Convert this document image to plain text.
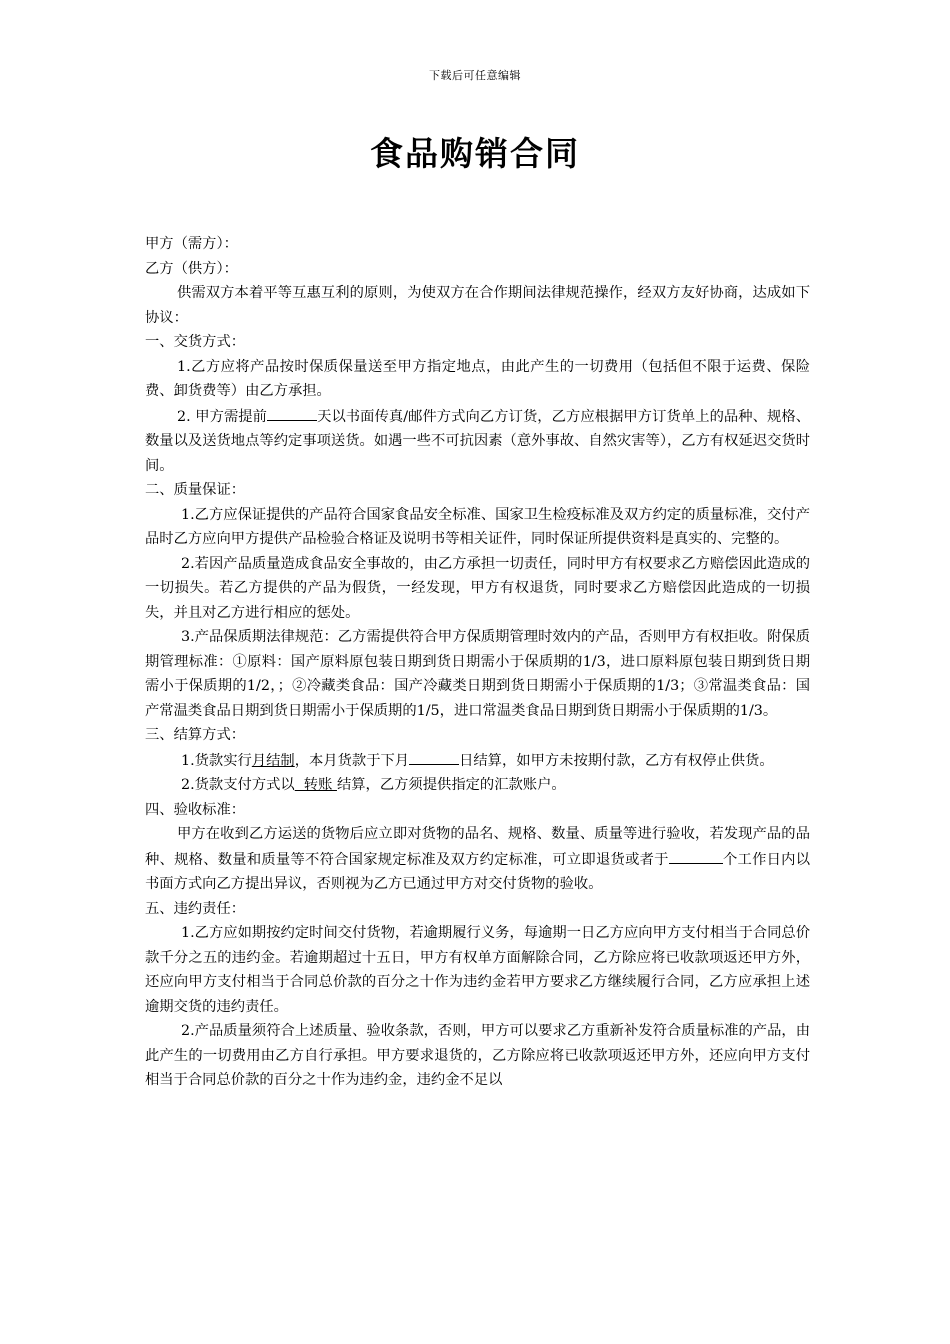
下载后可任意编辑
食品购销合同

甲方（需方）：

乙方（供方）：

供需双方本着平等互惠互利的原则，为使双方在合作期间法律规范操作，经双方友好协商，达成如下协议：

一、交货方式：

1.乙方应将产品按时保质保量送至甲方指定地点，由此产生的一切费用（包括但不限于运费、保险费、卸货费等）由乙方承担。

2. 甲方需提前	天以书面传真/邮件方式向乙方订货，乙方应根据甲方订货单上的品种、规格、数量以及送货地点等约定事项送货。如遇一些不可抗因素（意外事故、自然灾害等），乙方有权延迟交货时间。

二、质量保证：

1.乙方应保证提供的产品符合国家食品安全标准、国家卫生检疫标准及双方约定的质量标准，交付产品时乙方应向甲方提供产品检验合格证及说明书等相关证件，同时保证所提供资料是真实的、完整的。

2.若因产品质量造成食品安全事故的，由乙方承担一切责任，同时甲方有权要求乙方赔偿因此造成的一切损失。若乙方提供的产品为假货，一经发现，甲方有权退货，同时要求乙方赔偿因此造成的一切损失，并且对乙方进行相应的惩处。

3.产品保质期法律规范：乙方需提供符合甲方保质期管理时效内的产品，否则甲方有权拒收。附保质期管理标准：①原料：国产原料原包装日期到货日期需小于保质期的1/3，进口原料原包装日期到货日期需小于保质期的1/2，；②冷藏类食品：国产冷藏类日期到货日期需小于保质期的1/3；③常温类食品：国产常温类食品日期到货日期需小于保质期的1/5，进口常温类食品日期到货日期需小于保质期的1/3。

三、结算方式：

1.货款实行月结制，本月货款于下月	日结算，如甲方未按期付款，乙方有权停止供货。

2.货款支付方式以  转账 结算，乙方须提供指定的汇款账户。

四、验收标准：

甲方在收到乙方运送的货物后应立即对货物的品名、规格、数量、质量等进行验收，若发现产品的品种、规格、数量和质量等不符合国家规定标准及双方约定标准，可立即退货或者于	个工作日内以书面方式向乙方提出异议，否则视为乙方已通过甲方对交付货物的验收。

五、违约责任：

1.乙方应如期按约定时间交付货物，若逾期履行义务，每逾期一日乙方应向甲方支付相当于合同总价款千分之五的违约金。若逾期超过十五日，甲方有权单方面解除合同，乙方除应将已收款项返还甲方外，还应向甲方支付相当于合同总价款的百分之十作为违约金若甲方要求乙方继续履行合同，乙方应承担上述逾期交货的违约责任。

2.产品质量须符合上述质量、验收条款，否则，甲方可以要求乙方重新补发符合质量标准的产品，由此产生的一切费用由乙方自行承担。甲方要求退货的，乙方除应将已收款项返还甲方外，还应向甲方支付相当于合同总价款的百分之十作为违约金，违约金不足以
